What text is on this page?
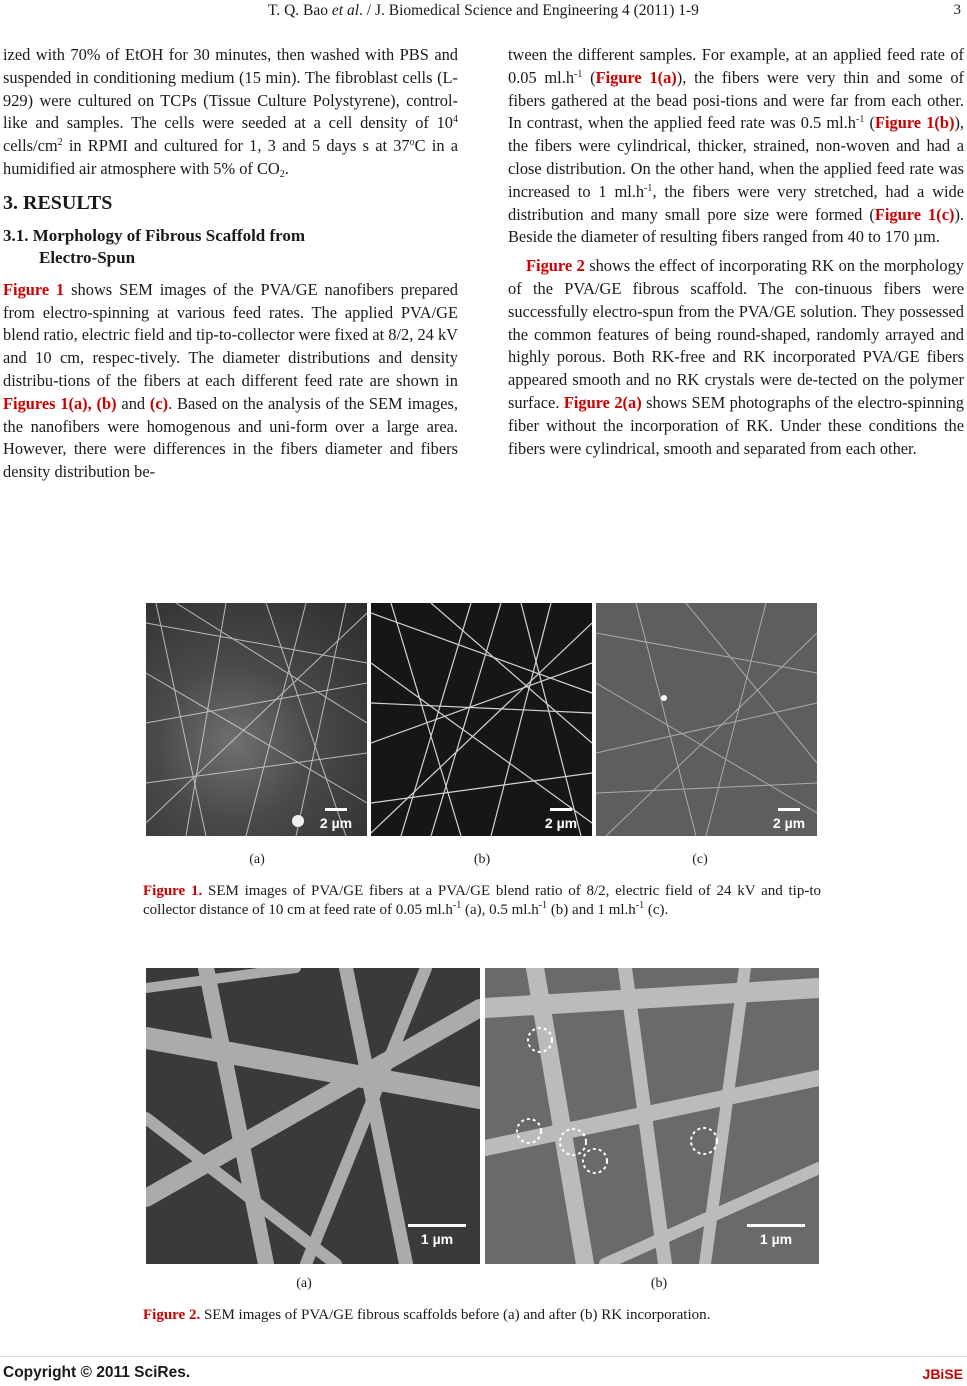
T. Q. Bao et al. / J. Biomedical Science and Engineering 4 (2011) 1-9	3

ized with 70% of EtOH for 30 minutes, then washed with PBS and suspended in conditioning medium (15 min). The fibroblast cells (L-929) were cultured on TCPs (Tissue Culture Polystyrene), control-like and samples. The cells were seeded at a cell density of $10^4$ cells/$cm^2$ in RPMI and cultured for 1, 3 and 5 days s at 37$^o$C in a humidified air atmosphere with 5% of $CO_2$.

3. RESULTS
3.1. Morphology of Fibrous Scaffold from
Electro-Spun

Figure 1 shows SEM images of the PVA/GE nanofibers prepared from electro-spinning at various feed rates. The applied PVA/GE blend ratio, electric field and tip-to-collector were fixed at 8/2, 24 kV and 10 cm, respec-tively. The diameter distributions and density distribu-tions of the fibers at each different feed rate are shown in Figures 1(a), (b) and (c). Based on the analysis of the SEM images, the nanofibers were homogenous and uni-form over a large area. However, there were differences in the fibers diameter and fibers density distribution be-

tween the different samples. For example, at an applied feed rate of 0.05 $ml.h^{-1}$ (Figure 1(a)), the fibers were very thin and some of fibers gathered at the bead posi-tions and were far from each other. In contrast, when the applied feed rate was 0.5 $ml.h^{-1}$ (Figure 1(b)), the fibers were cylindrical, thicker, strained, non-woven and had a close distribution. On the other hand, when the applied feed rate was increased to 1 $ml.h^{-1}$, the fibers were very stretched, had a wide distribution and many small pore size were formed (Figure 1(c)). Beside the diameter of resulting fibers ranged from 40 to 170 µm.

Figure 2 shows the effect of incorporating RK on the morphology of the PVA/GE fibrous scaffold. The con-tinuous fibers were successfully electro-spun from the PVA/GE solution. They possessed the common features of being round-shaped, randomly arrayed and highly porous. Both RK-free and RK incorporated PVA/GE fibers appeared smooth and no RK crystals were de-tected on the polymer surface. Figure 2(a) shows SEM photographs of the electro-spinning fiber without the incorporation of RK. Under these conditions the fibers were cylindrical, smooth and separated from each other.

2 µm	2 µm	2 µm
(a)	(b)	(c)
Figure 1. SEM images of PVA/GE fibers at a PVA/GE blend ratio of 8/2, electric field of 24 kV and tip-to collector distance of 10 cm at feed rate of 0.05 $ml.h^{-1}$ (a), 0.5 $ml.h^{-1}$ (b) and 1 $ml.h^{-1}$ (c).
1 µm	1 µm
(a)	(b)
Figure 2. SEM images of PVA/GE fibrous scaffolds before (a) and after (b) RK incorporation.
Copyright © 2011 SciRes.	JBiSE
